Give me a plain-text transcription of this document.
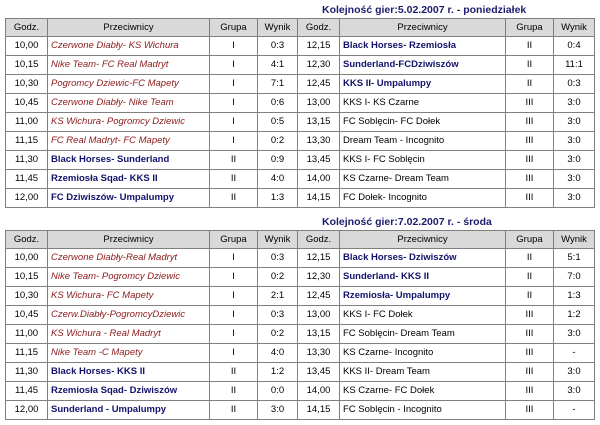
Kolejność gier:5.02.2007 r. - poniedziałek
Godz.	Przeciwnicy	Grupa	Wynik	Godz.	Przeciwnicy	Grupa	Wynik
10,00	Czerwone Diabły- KS Wichura	I	0:3	12,15	Black Horses- Rzemiosła	II	0:4
10,15	Nike Team- FC Real Madryt	I	4:1	12,30	Sunderland-FCDziwiszów	II	11:1
10,30	Pogromcy Dziewic-FC Mapety	I	7:1	12,45	KKS II- Umpalumpy	II	0:3
10,45	Czerwone Diabły- Nike Team	I	0:6	13,00	KKS I- KS Czarne	III	3:0
11,00	KS Wichura- Pogromcy Dziewic	I	0:5	13,15	FC Soblęcin- FC Dołek	III	3:0
11,15	FC Real Madryt- FC Mapety	I	0:2	13,30	Dream Team - Incognito	III	3:0
11,30	Black Horses- Sunderland	II	0:9	13,45	KKS I- FC Soblęcin	III	3:0
11,45	Rzemiosła Sqad- KKS II	II	4:0	14,00	KS Czarne- Dream Team	III	3:0
12,00	FC Dziwiszów- Umpalumpy	II	1:3	14,15	FC Dołek- Incognito	III	3:0
Kolejność gier:7.02.2007 r. - środa
Godz.	Przeciwnicy	Grupa	Wynik	Godz.	Przeciwnicy	Grupa	Wynik
10,00	Czerwone Diabły-Real Madryt	I	0:3	12,15	Black Horses- Dziwiszów	II	5:1
10,15	Nike Team- Pogromcy Dziewic	I	0:2	12,30	Sunderland- KKS II	II	7:0
10,30	KS Wichura- FC Mapety	I	2:1	12,45	Rzemiosła- Umpalumpy	II	1:3
10,45	Czerw.Diabły-PogromcyDziewic	I	0:3	13,00	KKS I- FC Dołek	III	1:2
11,00	KS Wichura - Real Madryt	I	0:2	13,15	FC Soblęcin- Dream Team	III	3:0
11,15	Nike Team -C Mapety	I	4:0	13,30	KS Czarne- Incognito	III	-
11,30	Black Horses- KKS II	II	1:2	13,45	KKS II- Dream Team	III	3:0
11,45	Rzemiosła Sqad- Dziwiszów	II	0:0	14,00	KS Czarne- FC Dołek	III	3:0
12,00	Sunderland - Umpalumpy	II	3:0	14,15	FC Soblęcin - Incognito	III	-
